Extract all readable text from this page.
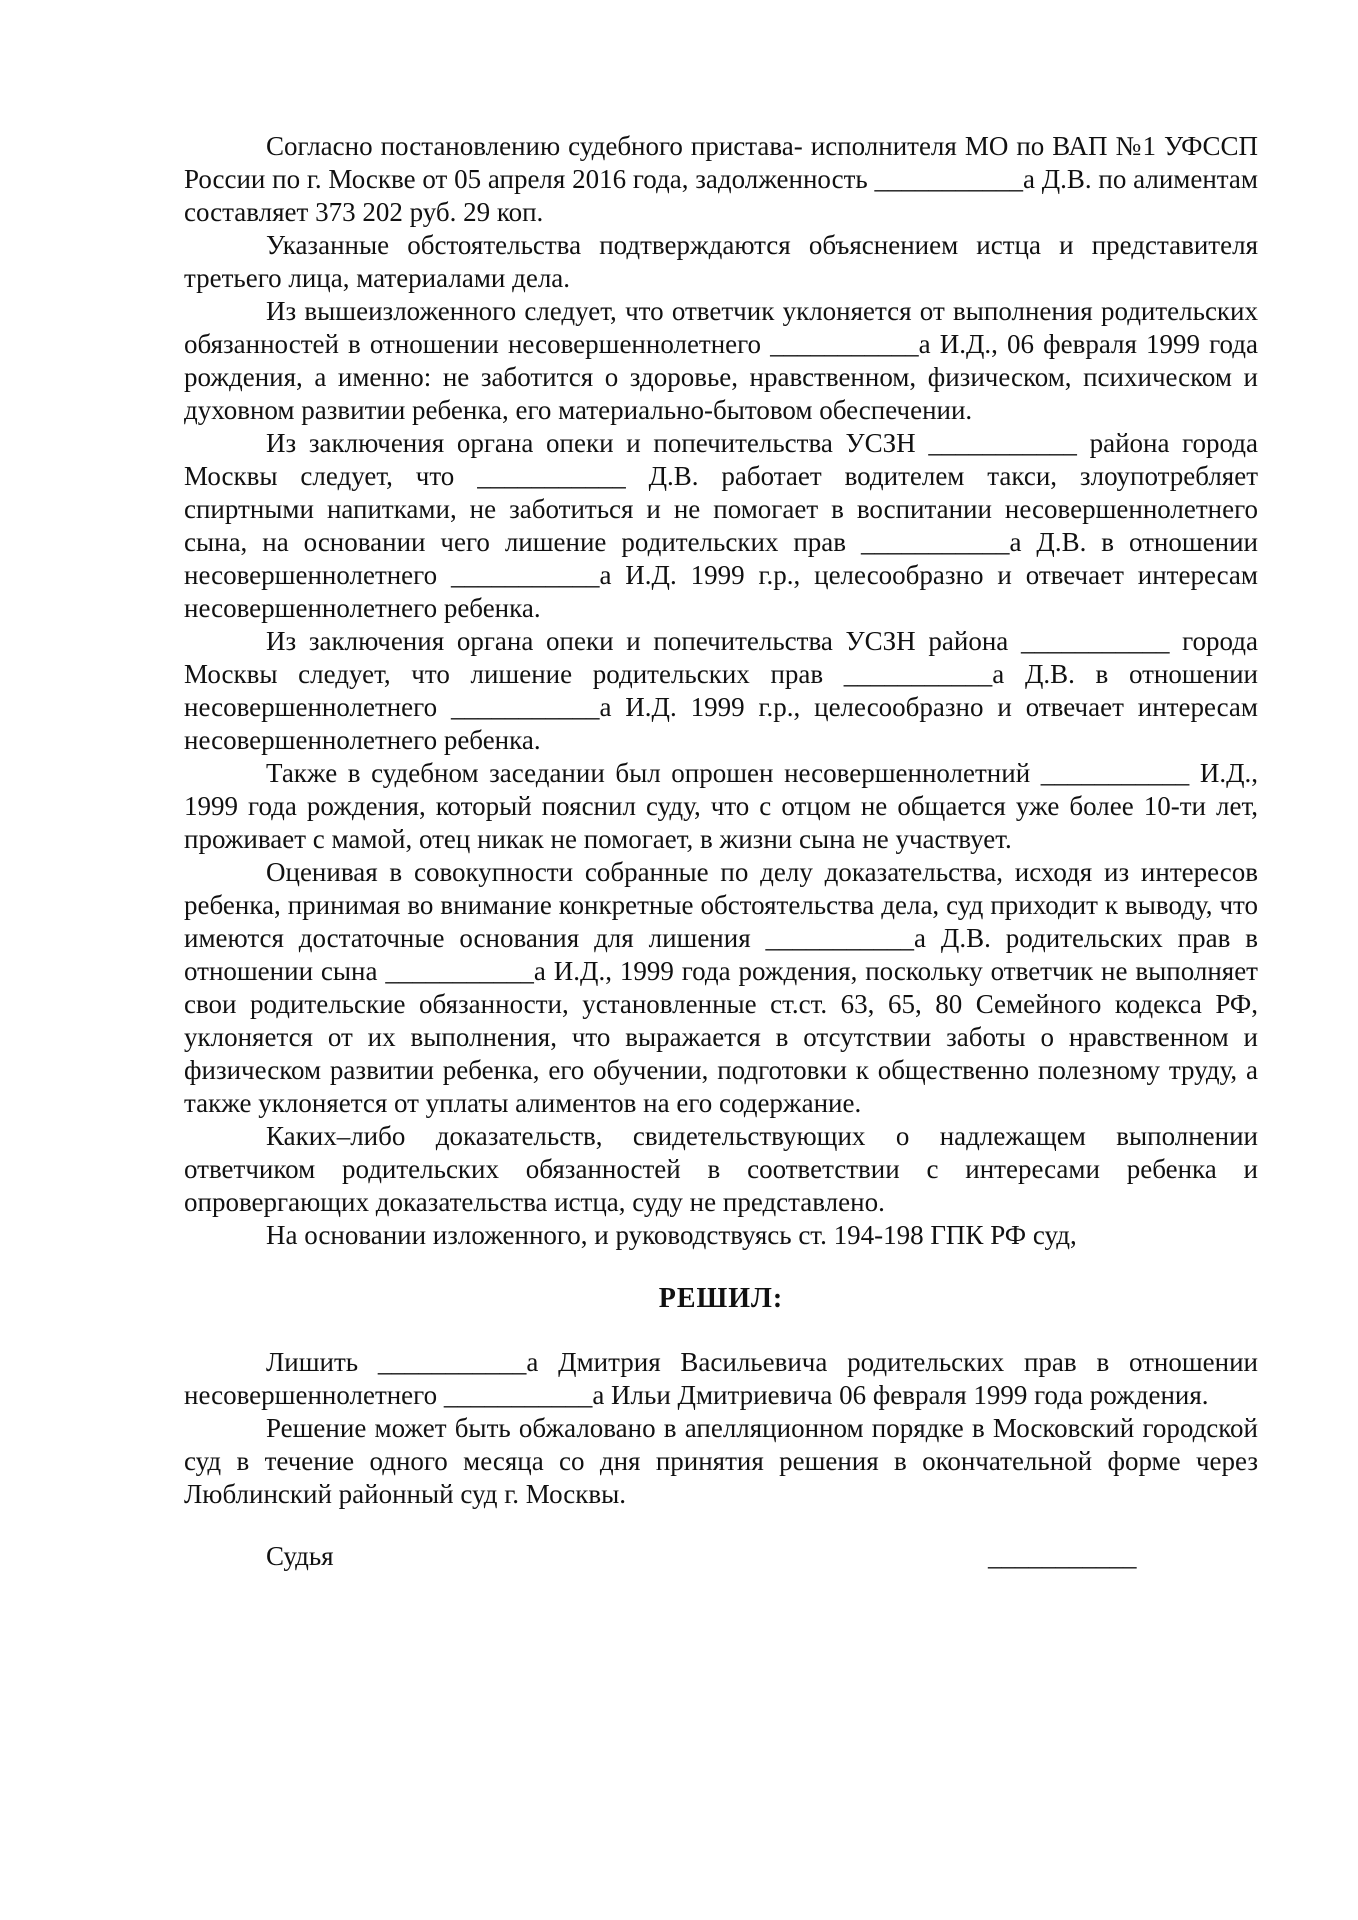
Согласно постановлению судебного пристава- исполнителя МО по ВАП №1 УФССП России по г. Москве от 05 апреля 2016 года, задолженность ___________а Д.В. по алиментам составляет 373 202 руб. 29 коп.

Указанные обстоятельства подтверждаются объяснением истца и представителя третьего лица, материалами дела.

Из вышеизложенного следует, что ответчик уклоняется от выполнения родительских обязанностей в отношении несовершеннолетнего ___________а И.Д., 06 февраля 1999 года рождения, а именно: не заботится о здоровье, нравственном, физическом, психическом и духовном развитии ребенка, его материально-бытовом обеспечении.

Из заключения органа опеки и попечительства УСЗН ___________ района города Москвы следует, что ___________ Д.В. работает водителем такси, злоупотребляет спиртными напитками, не заботиться и не помогает в воспитании несовершеннолетнего сына, на основании чего лишение родительских прав ___________а Д.В. в отношении несовершеннолетнего ___________а И.Д. 1999 г.р., целесообразно и отвечает интересам несовершеннолетнего ребенка.

Из заключения органа опеки и попечительства УСЗН района ___________ города Москвы следует, что лишение родительских прав ___________а Д.В. в отношении несовершеннолетнего ___________а И.Д. 1999 г.р., целесообразно и отвечает интересам несовершеннолетнего ребенка.

Также в судебном заседании был опрошен несовершеннолетний ___________ И.Д., 1999 года рождения, который пояснил суду, что с отцом не общается уже более 10-ти лет, проживает с мамой, отец никак не помогает, в жизни сына не участвует.

Оценивая в совокупности собранные по делу доказательства, исходя из интересов ребенка, принимая во внимание конкретные обстоятельства дела, суд приходит к выводу, что имеются достаточные основания для лишения ___________а Д.В. родительских прав в отношении сына ___________а И.Д., 1999 года рождения, поскольку ответчик не выполняет свои родительские обязанности, установленные ст.ст. 63, 65, 80 Семейного кодекса РФ, уклоняется от их выполнения, что выражается в отсутствии заботы о нравственном и физическом развитии ребенка, его обучении, подготовки к общественно полезному труду, а также уклоняется от уплаты алиментов на его содержание.

Каких–либо доказательств, свидетельствующих о надлежащем выполнении ответчиком родительских обязанностей в соответствии с интересами ребенка и опровергающих доказательства истца, суду не представлено.

На основании изложенного, и руководствуясь ст. 194-198 ГПК РФ суд,

РЕШИЛ:

Лишить ___________а Дмитрия Васильевича родительских прав в отношении несовершеннолетнего ___________а Ильи Дмитриевича 06 февраля 1999 года рождения.

Решение может быть обжаловано в апелляционном порядке в Московский городской суд в течение одного месяца со дня принятия решения в окончательной форме через Люблинский районный суд г. Москвы.

Судья	___________
